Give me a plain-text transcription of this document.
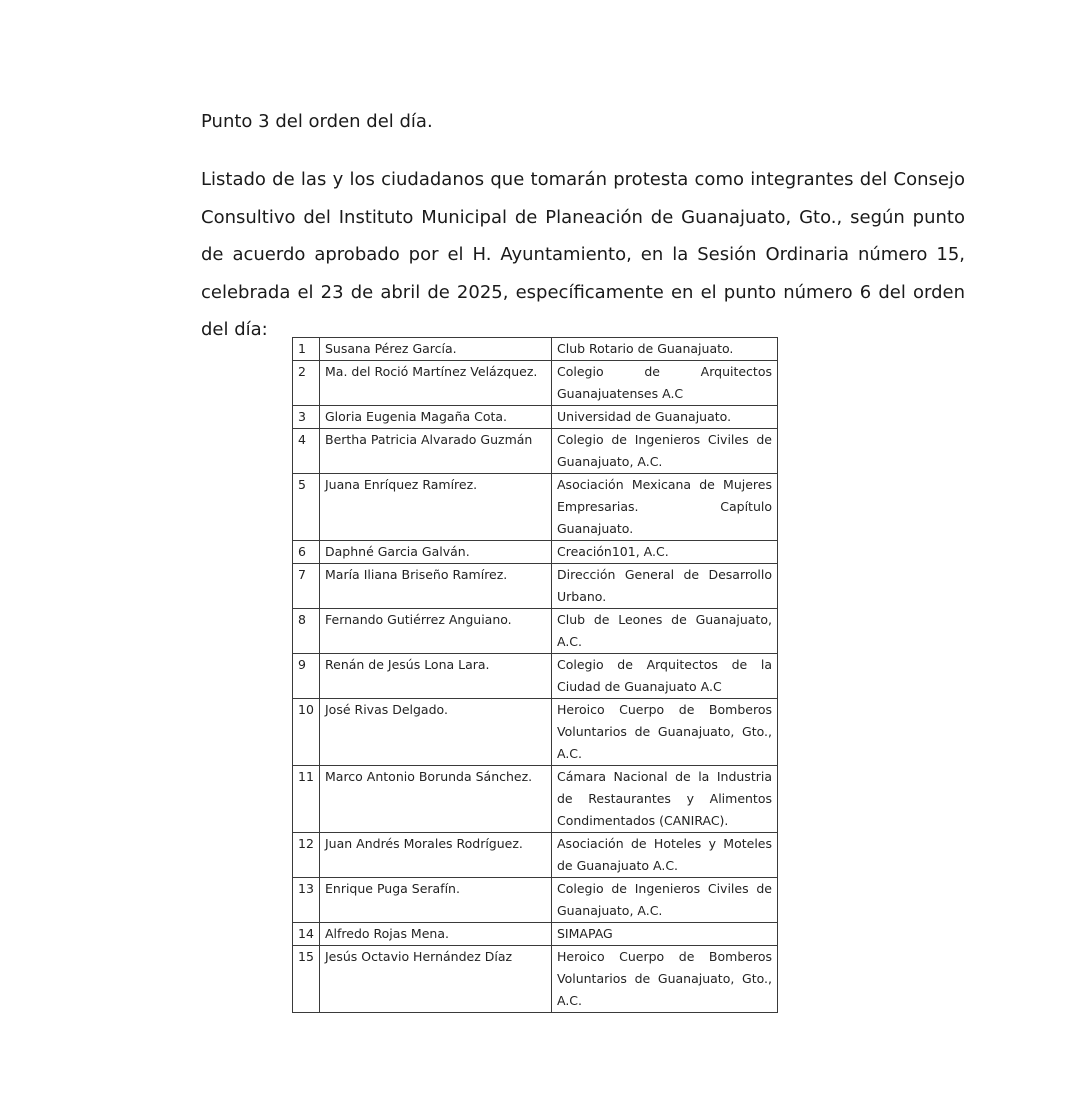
Punto 3 del orden del día.

Listado de las y los ciudadanos que tomarán protesta como integrantes del Consejo Consultivo del Instituto Municipal de Planeación de Guanajuato, Gto., según punto de acuerdo aprobado por el H. Ayuntamiento, en la Sesión Ordinaria número 15, celebrada el 23 de abril de 2025, específicamente en el punto número 6 del orden del día:

1	Susana Pérez García.	Club Rotario de Guanajuato.
2	Ma. del Roció Martínez Velázquez.	Colegio de Arquitectos Guanajuatenses A.C
3	Gloria Eugenia Magaña Cota.	Universidad de Guanajuato.
4	Bertha Patricia Alvarado Guzmán	Colegio de Ingenieros Civiles de Guanajuato, A.C.
5	Juana Enríquez Ramírez.	Asociación Mexicana de Mujeres Empresarias. Capítulo Guanajuato.
6	Daphné Garcia Galván.	Creación101, A.C.
7	María Iliana Briseño Ramírez.	Dirección General de Desarrollo Urbano.
8	Fernando Gutiérrez Anguiano.	Club de Leones de Guanajuato, A.C.
9	Renán de Jesús Lona Lara.	Colegio de Arquitectos de la Ciudad de Guanajuato A.C
10	José Rivas Delgado.	Heroico Cuerpo de Bomberos Voluntarios de Guanajuato, Gto., A.C.
11	Marco Antonio Borunda Sánchez.	Cámara Nacional de la Industria de Restaurantes y Alimentos Condimentados (CANIRAC).
12	Juan Andrés Morales Rodríguez.	Asociación de Hoteles y Moteles de Guanajuato A.C.
13	Enrique Puga Serafín.	Colegio de Ingenieros Civiles de Guanajuato, A.C.
14	Alfredo Rojas Mena.	SIMAPAG
15	Jesús Octavio Hernández Díaz	Heroico Cuerpo de Bomberos Voluntarios de Guanajuato, Gto., A.C.
